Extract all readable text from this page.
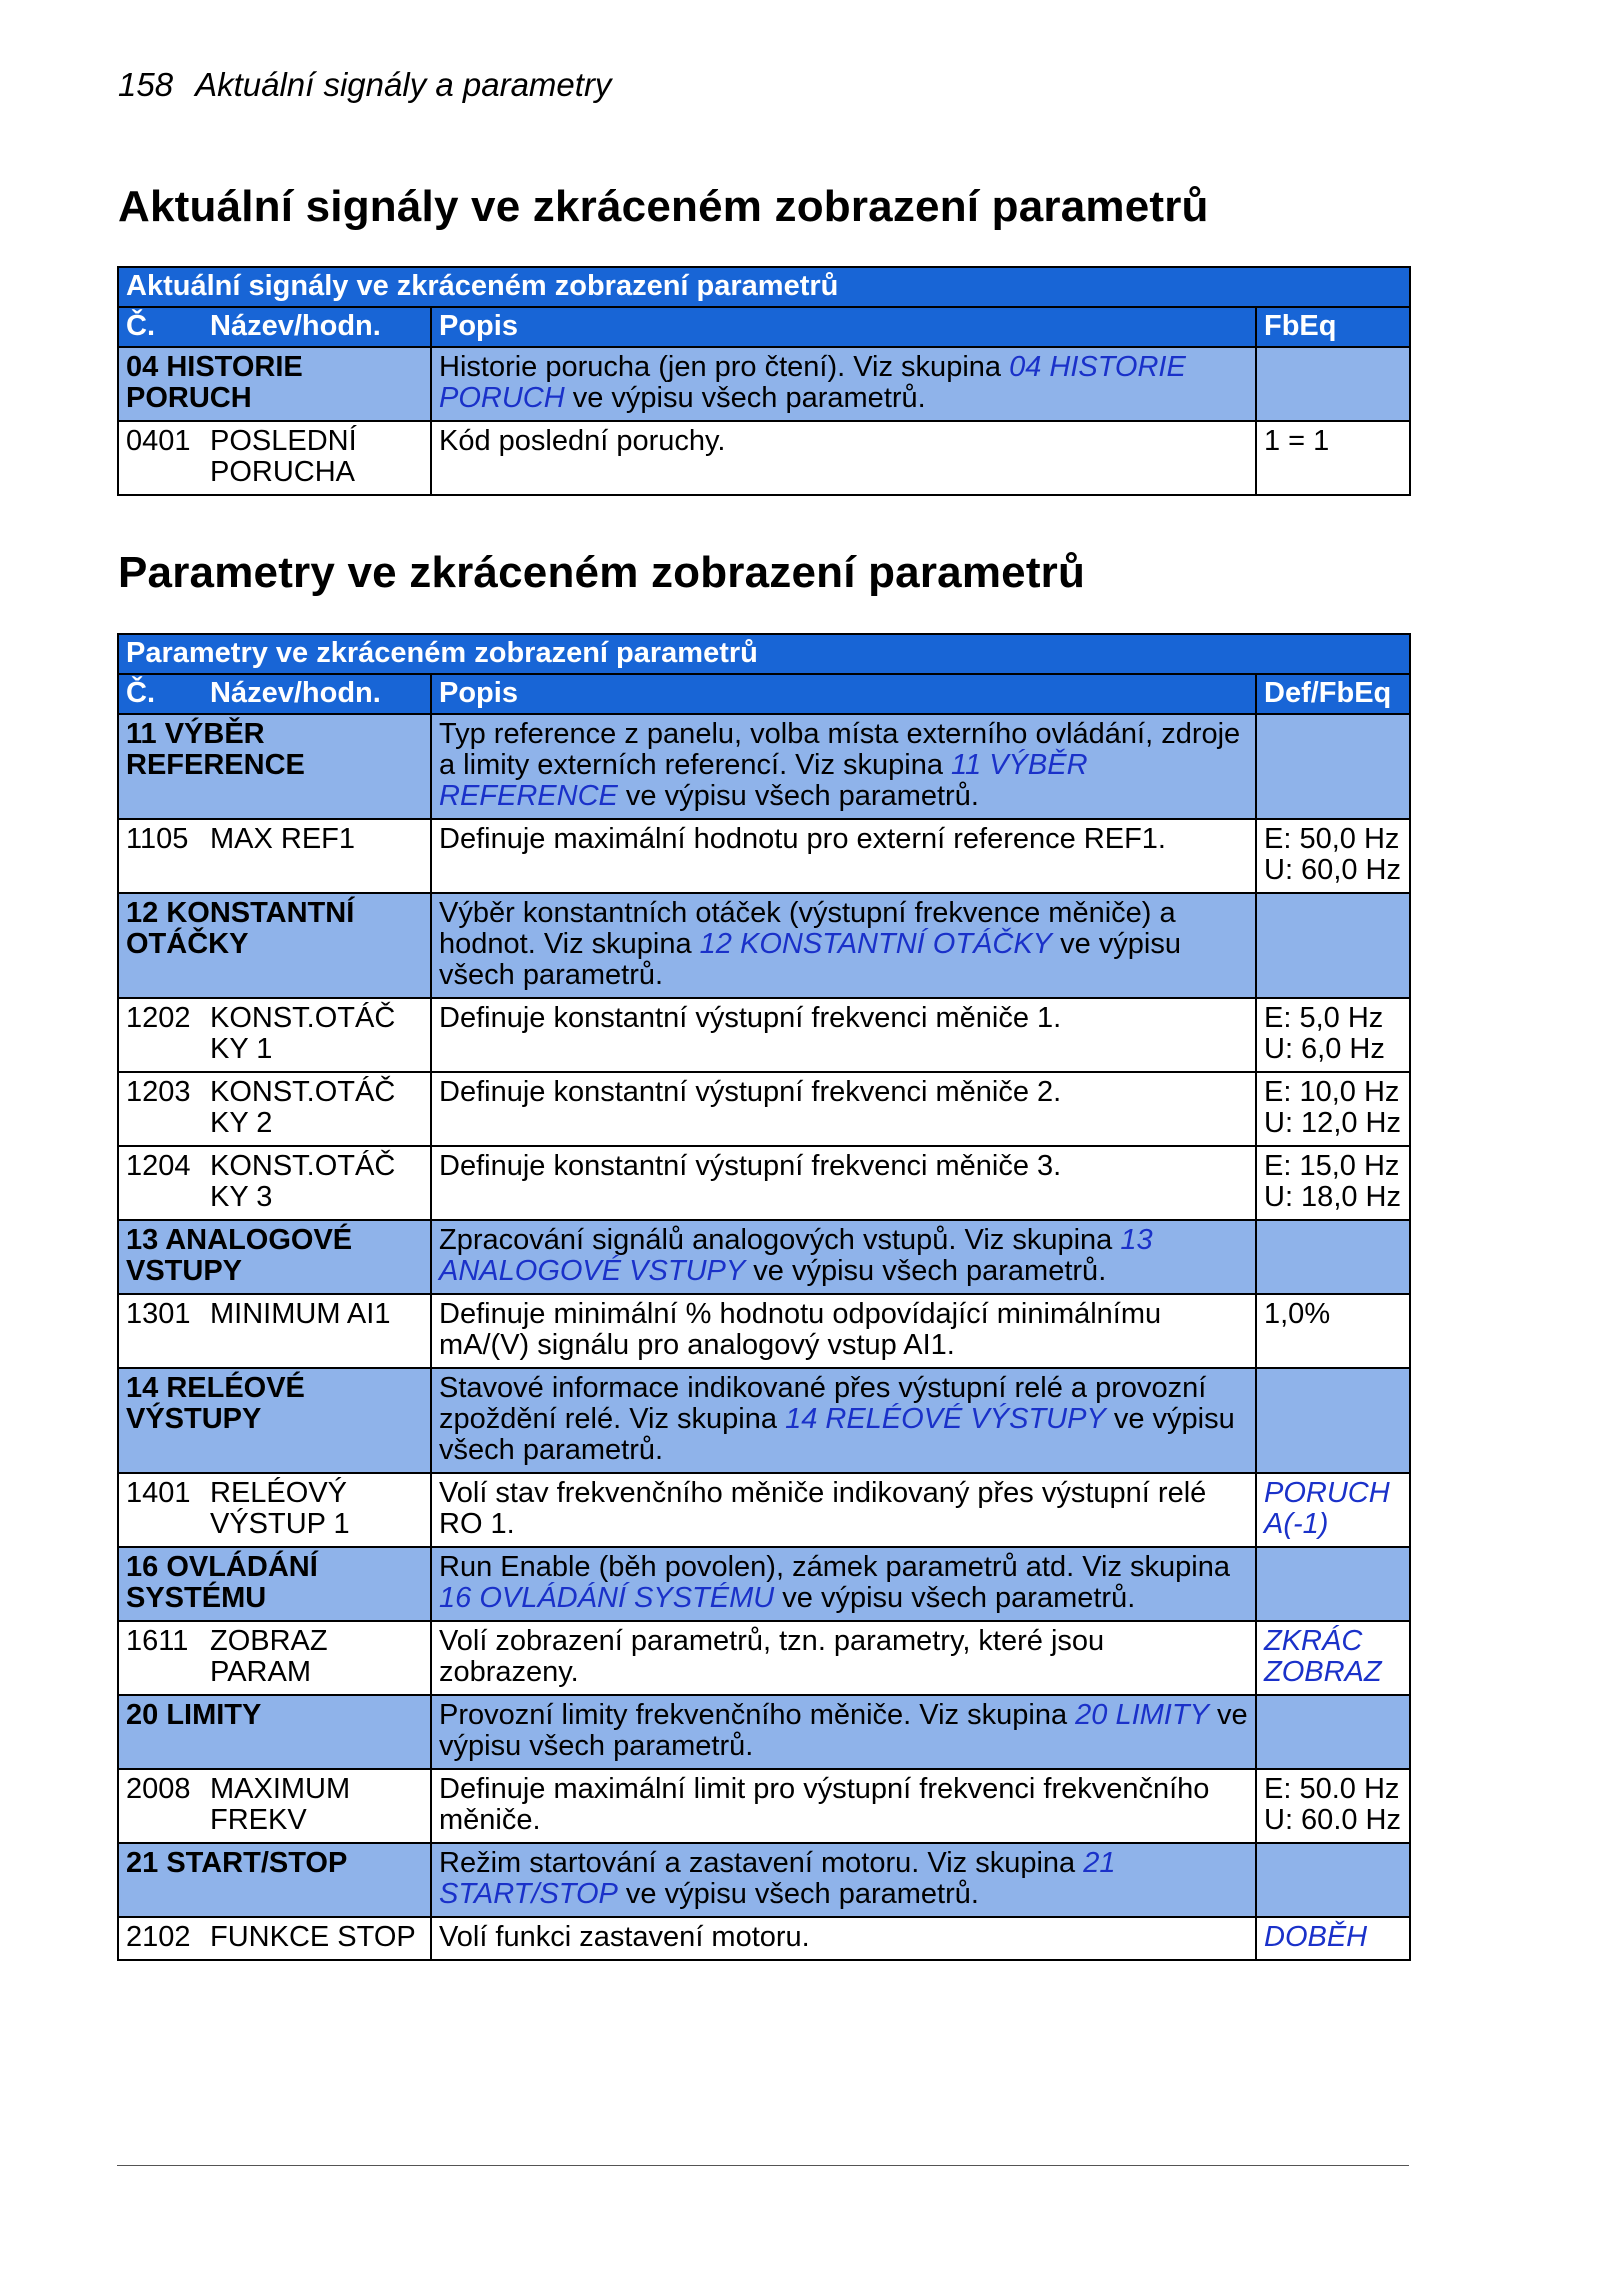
158 Aktuální signály a parametry
Aktuální signály ve zkráceném zobrazení parametrů
Aktuální signály ve zkráceném zobrazení parametrů		
Č. Název/hodn.	Popis	FbEq
04 HISTORIE PORUCH	Historie porucha (jen pro čtení). Viz skupina 04 HISTORIE PORUCH ve výpisu všech parametrů.	
0401 POSLEDNÍ PORUCHA	Kód poslední poruchy.	1 = 1
Parametry ve zkráceném zobrazení parametrů
Parametry ve zkráceném zobrazení parametrů		
Č. Název/hodn.	Popis	Def/FbEq
11 VÝBĚR REFERENCE	Typ reference z panelu, volba místa externího ovládání, zdroje a limity externích referencí. Viz skupina 11 VÝBĚR REFERENCE ve výpisu všech parametrů.	
1105 MAX REF1	Definuje maximální hodnotu pro externí reference REF1.	E: 50,0 Hz
U: 60,0 Hz
12 KONSTANTNÍ OTÁČKY	Výběr konstantních otáček (výstupní frekvence měniče) a hodnot. Viz skupina 12 KONSTANTNÍ OTÁČKY ve výpisu všech parametrů.	
1202 KONST.OTÁČ KY 1	Definuje konstantní výstupní frekvenci měniče 1.	E: 5,0 Hz
U: 6,0 Hz
1203 KONST.OTÁČ KY 2	Definuje konstantní výstupní frekvenci měniče 2.	E: 10,0 Hz
U: 12,0 Hz
1204 KONST.OTÁČ KY 3	Definuje konstantní výstupní frekvenci měniče 3.	E: 15,0 Hz
U: 18,0 Hz
13 ANALOGOVÉ VSTUPY	Zpracování signálů analogových vstupů. Viz skupina 13 ANALOGOVÉ VSTUPY ve výpisu všech parametrů.	
1301 MINIMUM AI1	Definuje minimální % hodnotu odpovídající minimálnímu mA/(V) signálu pro analogový vstup AI1.	1,0%
14 RELÉOVÉ VÝSTUPY	Stavové informace indikované přes výstupní relé a provozní zpoždění relé. Viz skupina 14 RELÉOVÉ VÝSTUPY ve výpisu všech parametrů.	
1401 RELÉOVÝ VÝSTUP 1	Volí stav frekvenčního měniče indikovaný přes výstupní relé RO 1.	PORUCH A(-1)
16 OVLÁDÁNÍ SYSTÉMU	Run Enable (běh povolen), zámek parametrů atd. Viz skupina 16 OVLÁDÁNÍ SYSTÉMU ve výpisu všech parametrů.	
1611 ZOBRAZ PARAM	Volí zobrazení parametrů, tzn. parametry, které jsou zobrazeny.	ZKRÁC ZOBRAZ
20 LIMITY	Provozní limity frekvenčního měniče. Viz skupina 20 LIMITY ve výpisu všech parametrů.	
2008 MAXIMUM FREKV	Definuje maximální limit pro výstupní frekvenci frekvenčního měniče.	E: 50.0 Hz
U: 60.0 Hz
21 START/STOP	Režim startování a zastavení motoru. Viz skupina 21 START/STOP ve výpisu všech parametrů.	
2102 FUNKCE STOP	Volí funkci zastavení motoru.	DOBĚH
